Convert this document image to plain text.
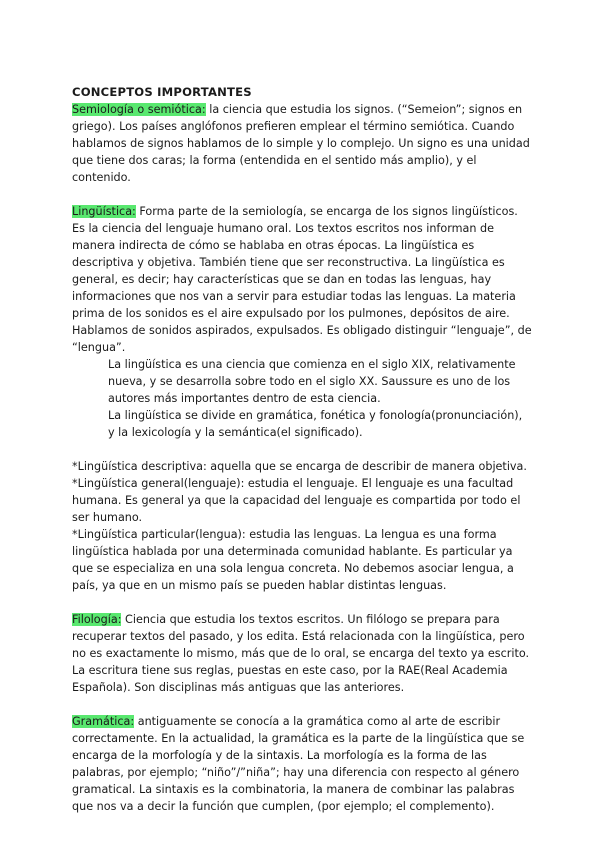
CONCEPTOS IMPORTANTES

Semiología o semiótica: la ciencia que estudia los signos. (“Semeion”; signos en griego). Los países anglófonos prefieren emplear el término semiótica. Cuando hablamos de signos hablamos de lo simple y lo complejo. Un signo es una unidad que tiene dos caras; la forma (entendida en el sentido más amplio), y el contenido.

Lingüística: Forma parte de la semiología, se encarga de los signos lingüísticos. Es la ciencia del lenguaje humano oral. Los textos escritos nos informan de manera indirecta de cómo se hablaba en otras épocas. La lingüística es descriptiva y objetiva. También tiene que ser reconstructiva. La lingüística es general, es decir; hay características que se dan en todas las lenguas, hay informaciones que nos van a servir para estudiar todas las lenguas. La materia prima de los sonidos es el aire expulsado por los pulmones, depósitos de aire. Hablamos de sonidos aspirados, expulsados. Es obligado distinguir “lenguaje”, de “lengua”.

La lingüística es una ciencia que comienza en el siglo XIX, relativamente nueva, y se desarrolla sobre todo en el siglo XX. Saussure es uno de los autores más importantes dentro de esta ciencia.

La lingüística se divide en gramática, fonética y fonología(pronunciación), y la lexicología y la semántica(el significado).

*Lingüística descriptiva: aquella que se encarga de describir de manera objetiva.

*Lingüística general(lenguaje): estudia el lenguaje. El lenguaje es una facultad humana. Es general ya que la capacidad del lenguaje es compartida por todo el ser humano.

*Lingüística particular(lengua): estudia las lenguas. La lengua es una forma lingüística hablada por una determinada comunidad hablante. Es particular ya que se especializa en una sola lengua concreta. No debemos asociar lengua, a país, ya que en un mismo país se pueden hablar distintas lenguas.

Filología: Ciencia que estudia los textos escritos. Un filólogo se prepara para recuperar textos del pasado, y los edita. Está relacionada con la lingüística, pero no es exactamente lo mismo, más que de lo oral, se encarga del texto ya escrito. La escritura tiene sus reglas, puestas en este caso, por la RAE(Real Academia Española). Son disciplinas más antiguas que las anteriores.

Gramática: antiguamente se conocía a la gramática como al arte de escribir correctamente. En la actualidad, la gramática es la parte de la lingüística que se encarga de la morfología y de la sintaxis. La morfología es la forma de las palabras, por ejemplo; “niño”/”niña”; hay una diferencia con respecto al género gramatical. La sintaxis es la combinatoria, la manera de combinar las palabras que nos va a decir la función que cumplen, (por ejemplo; el complemento).
